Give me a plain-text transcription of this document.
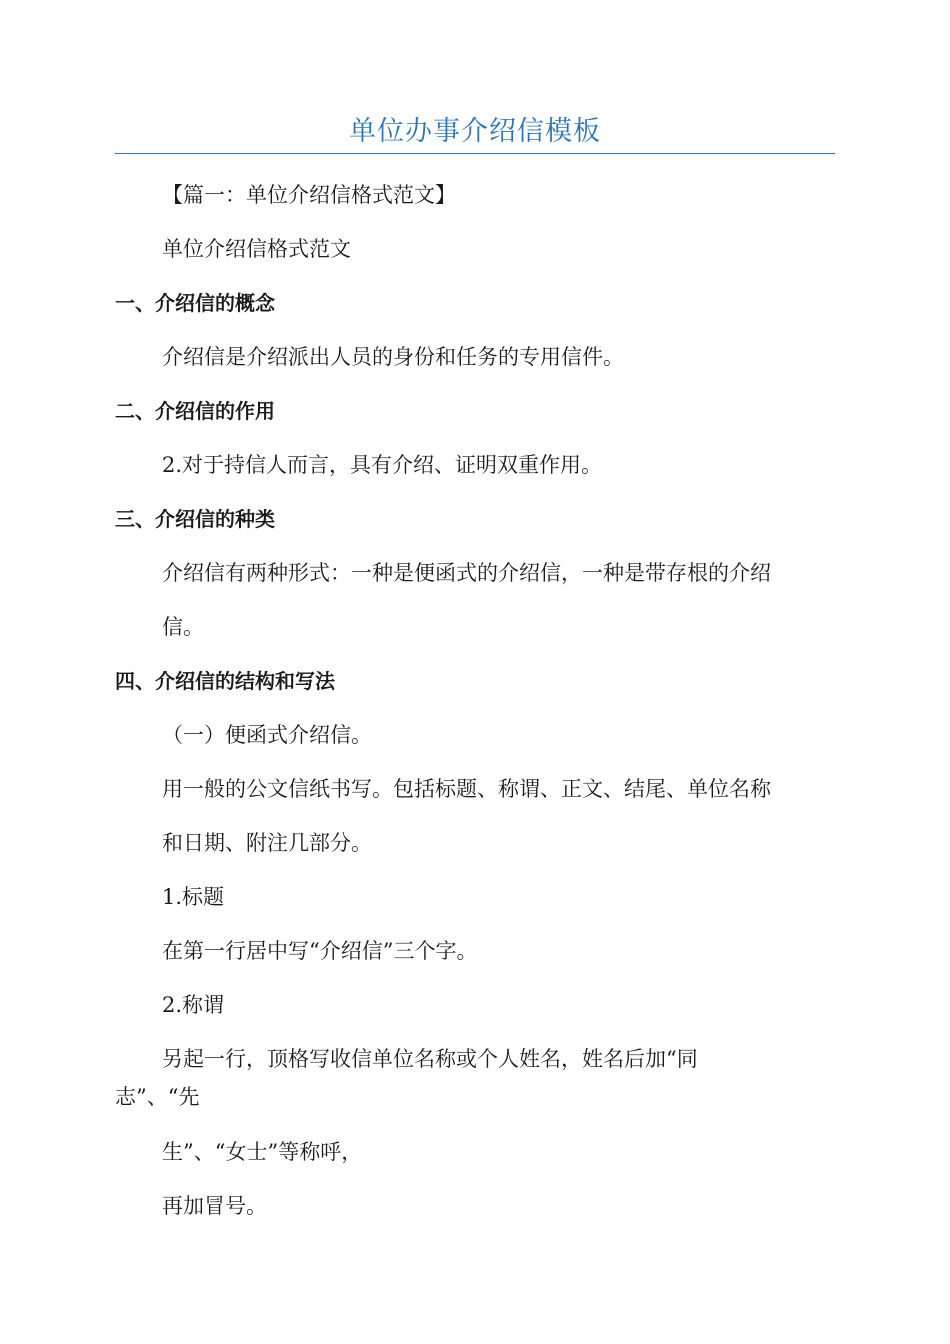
单位办事介绍信模板
【篇一：单位介绍信格式范文】
单位介绍信格式范文
一、介绍信的概念
介绍信是介绍派出人员的身份和任务的专用信件。
二、介绍信的作用
2.对于持信人而言，具有介绍、证明双重作用。
三、介绍信的种类
介绍信有两种形式：一种是便函式的介绍信，一种是带存根的介绍
信。
四、介绍信的结构和写法
（一）便函式介绍信。
用一般的公文信纸书写。包括标题、称谓、正文、结尾、单位名称
和日期、附注几部分。
1.标题
在第一行居中写“介绍信”三个字。
2.称谓
另起一行，顶格写收信单位名称或个人姓名，姓名后加“同
志”、“先
生”、“女士”等称呼，
再加冒号。
